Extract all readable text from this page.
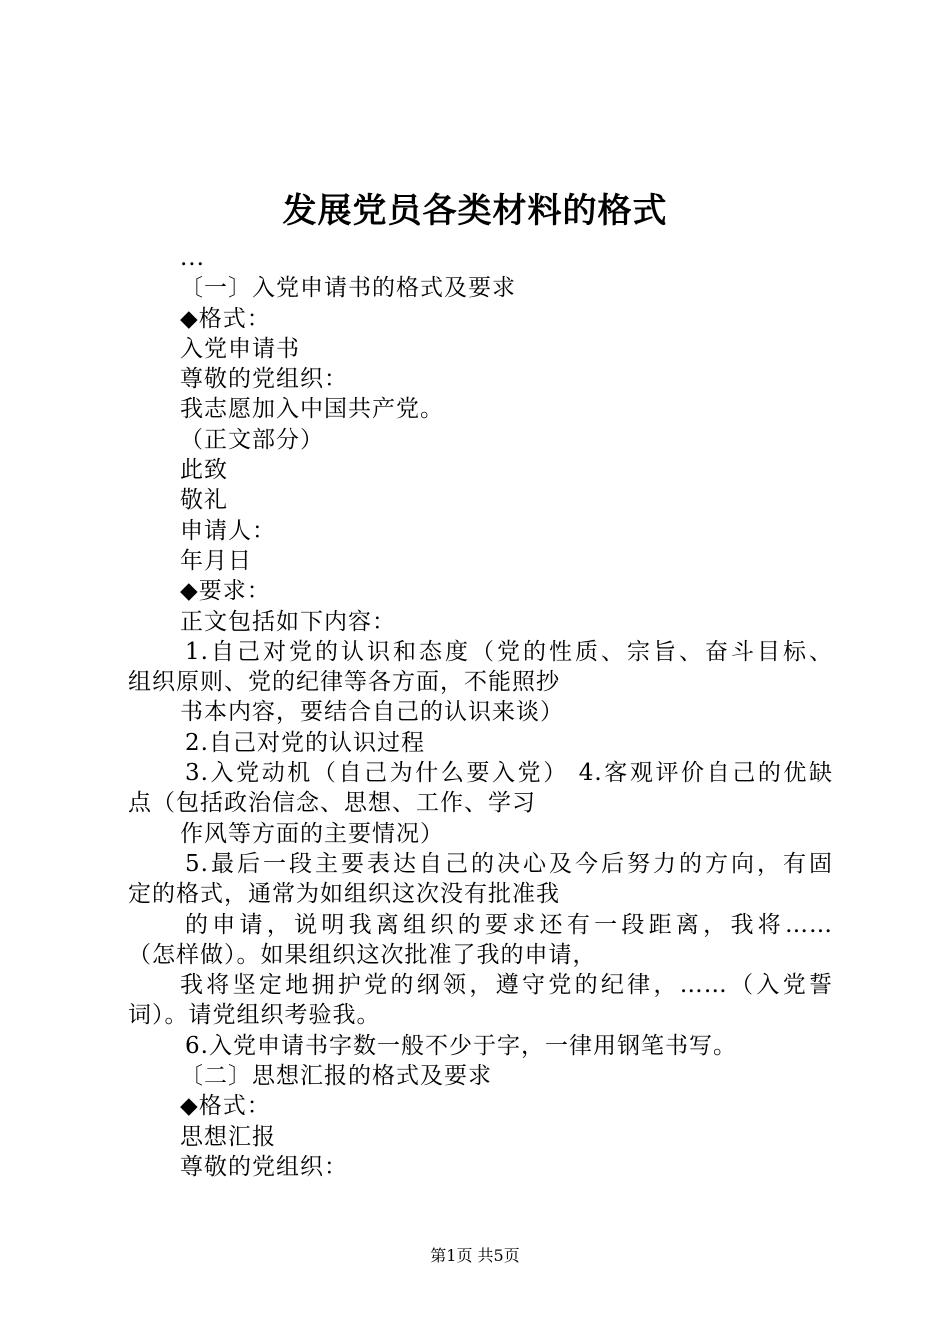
发展党员各类材料的格式
...
〔一〕入党申请书的格式及要求
◆格式：
入党申请书
尊敬的党组织：
我志愿加入中国共产党。
（正文部分）
此致
敬礼
申请人：
年月日
◆要求：
正文包括如下内容：
1.自己对党的认识和态度（党的性质、宗旨、奋斗目标、
组织原则、党的纪律等各方面，不能照抄
书本内容，要结合自己的认识来谈）
2.自己对党的认识过程
3.入党动机（自己为什么要入党） 4.客观评价自己的优缺
点（包括政治信念、思想、工作、学习
作风等方面的主要情况）
5.最后一段主要表达自己的决心及今后努力的方向，有固
定的格式，通常为如组织这次没有批准我
的申请，说明我离组织的要求还有一段距离，我将……
（怎样做）。如果组织这次批准了我的申请，
我将坚定地拥护党的纲领，遵守党的纪律，……（入党誓
词）。请党组织考验我。
6.入党申请书字数一般不少于字，一律用钢笔书写。
〔二〕思想汇报的格式及要求
◆格式：
思想汇报
尊敬的党组织：
第1页 共5页
